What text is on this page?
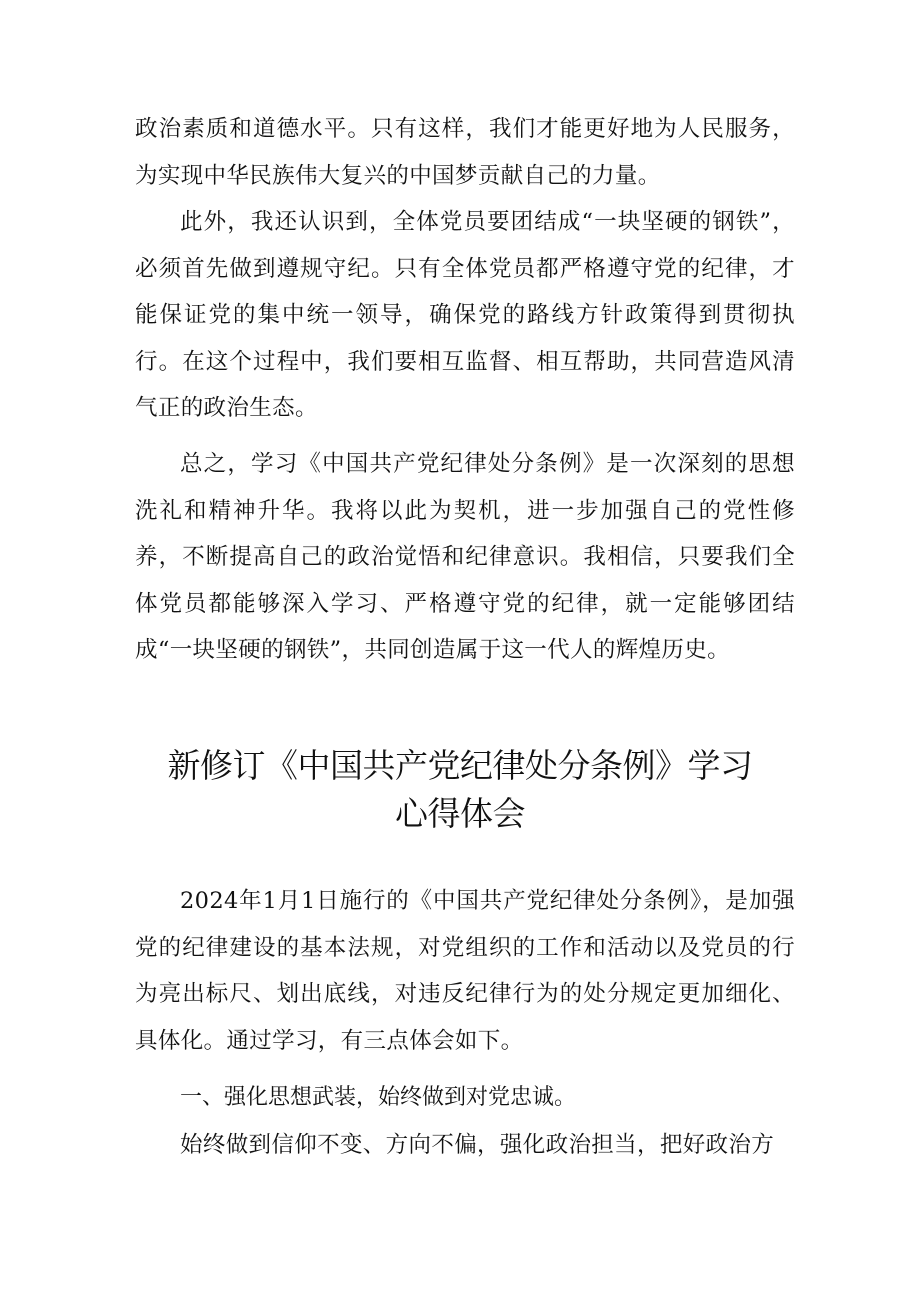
政治素质和道德水平。只有这样，我们才能更好地为人民服务，为实现中华民族伟大复兴的中国梦贡献自己的力量。

此外，我还认识到，全体党员要团结成“一块坚硬的钢铁”，必须首先做到遵规守纪。只有全体党员都严格遵守党的纪律，才能保证党的集中统一领导，确保党的路线方针政策得到贯彻执行。在这个过程中，我们要相互监督、相互帮助，共同营造风清气正的政治生态。

总之，学习《中国共产党纪律处分条例》是一次深刻的思想洗礼和精神升华。我将以此为契机，进一步加强自己的党性修养，不断提高自己的政治觉悟和纪律意识。我相信，只要我们全体党员都能够深入学习、严格遵守党的纪律，就一定能够团结成“一块坚硬的钢铁”，共同创造属于这一代人的辉煌历史。

新修订《中国共产党纪律处分条例》学习
心得体会

2024年1月1日施行的《中国共产党纪律处分条例》，是加强党的纪律建设的基本法规，对党组织的工作和活动以及党员的行为亮出标尺、划出底线，对违反纪律行为的处分规定更加细化、具体化。通过学习，有三点体会如下。

一、强化思想武装，始终做到对党忠诚。

始终做到信仰不变、方向不偏，强化政治担当，把好政治方
